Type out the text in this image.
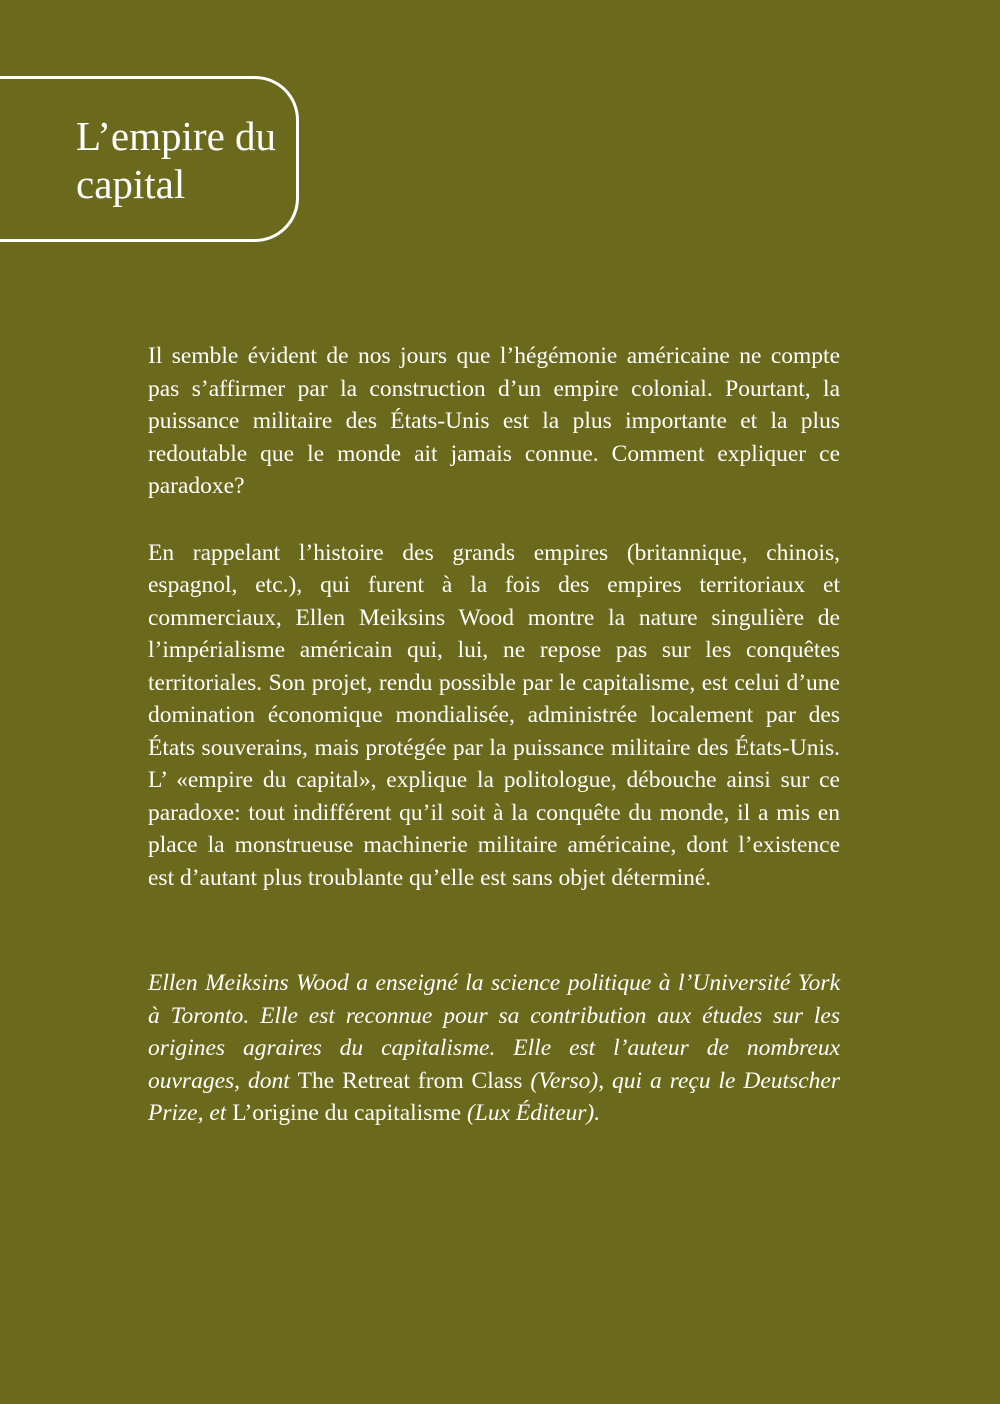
L’empire du capital

Il semble évident de nos jours que l’hégémonie américaine ne compte pas s’affirmer par la construction d’un empire colonial. Pourtant, la puissance militaire des États-Unis est la plus importante et la plus redoutable que le monde ait jamais connue. Comment expliquer ce paradoxe?

En rappelant l’histoire des grands empires (britannique, chinois, espagnol, etc.), qui furent à la fois des empires territoriaux et commerciaux, Ellen Meiksins Wood montre la nature singulière de l’impérialisme américain qui, lui, ne repose pas sur les conquêtes territoriales. Son projet, rendu possible par le capitalisme, est celui d’une domination économique mondialisée, administrée localement par des États souverains, mais protégée par la puissance militaire des États-Unis. L’ «empire du capital», explique la politologue, débouche ainsi sur ce paradoxe: tout indifférent qu’il soit à la conquête du monde, il a mis en place la monstrueuse machinerie militaire américaine, dont l’existence est d’autant plus troublante qu’elle est sans objet déterminé.

Ellen Meiksins Wood a enseigné la science politique à l’Université York à Toronto. Elle est reconnue pour sa contribution aux études sur les origines agraires du capitalisme. Elle est l’auteur de nombreux ouvrages, dont The Retreat from Class (Verso), qui a reçu le Deutscher Prize, et L’origine du capitalisme (Lux Éditeur).
